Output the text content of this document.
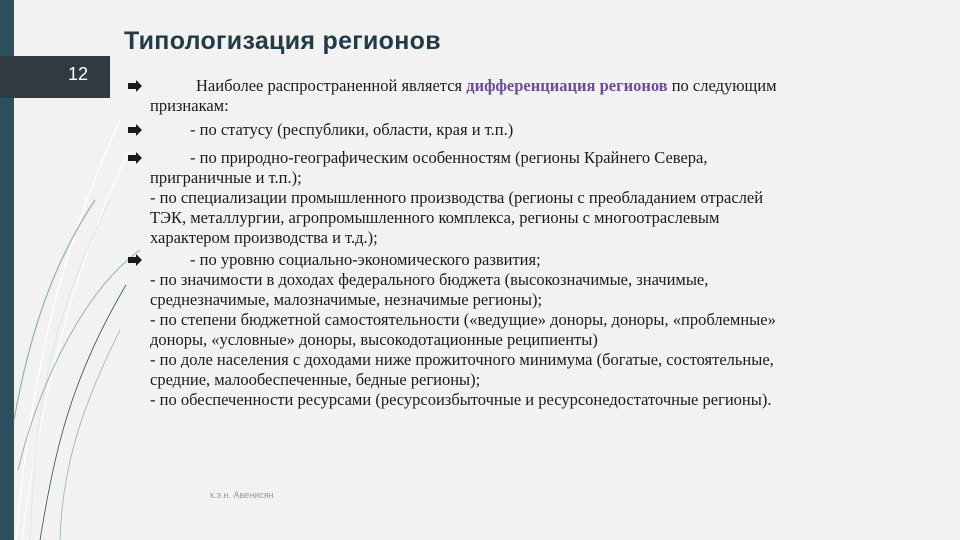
12
Типологизация регионов
Наиболее распространенной является дифференциация регионов по следующим
признакам:
- по статусу (республики, области, края и т.п.)
- по природно-географическим особенностям (регионы Крайнего Севера,
приграничные и т.п.);
- по специализации промышленного производства (регионы с преобладанием отраслей
ТЭК, металлургии, агропромышленного комплекса, регионы с многоотраслевым
характером производства и т.д.);
- по уровню социально-экономического развития;
- по значимости в доходах федерального бюджета (высокозначимые, значимые,
среднезначимые, малозначимые, незначимые регионы);
- по степени бюджетной самостоятельности («ведущие» доноры, доноры, «проблемные»
доноры, «условные» доноры, высокодотационные реципиенты)
- по доле населения с доходами ниже прожиточного минимума (богатые, состоятельные,
средние, малообеспеченные, бедные регионы);
- по обеспеченности ресурсами (ресурсоизбыточные и ресурсонедостаточные регионы).
к.э.н. Авенисян
